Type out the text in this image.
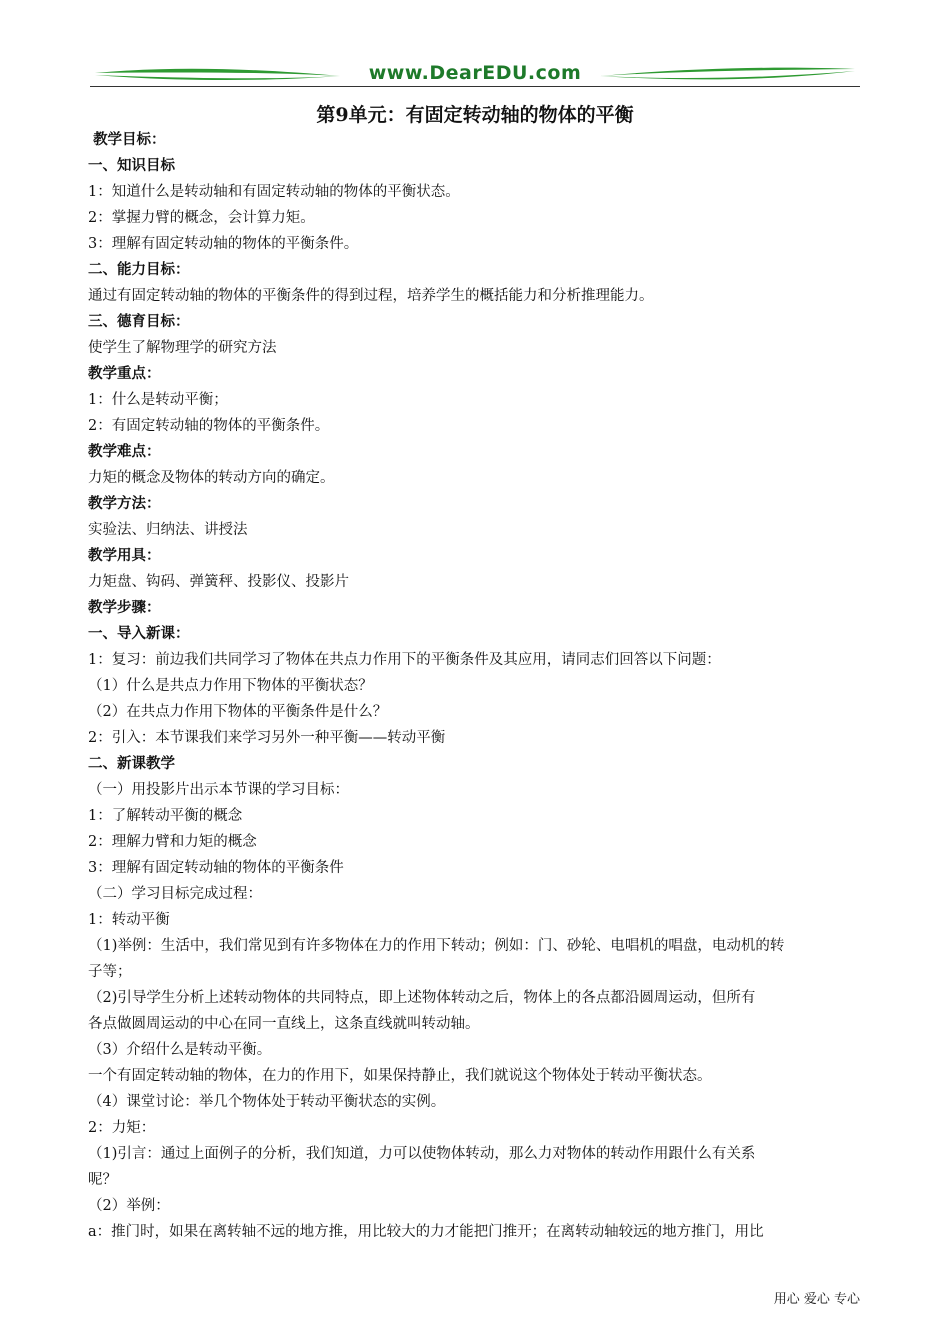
www.DearEDU.com
第9单元：有固定转动轴的物体的平衡
教学目标：
一、知识目标
1：知道什么是转动轴和有固定转动轴的物体的平衡状态。
2：掌握力臂的概念，会计算力矩。
3：理解有固定转动轴的物体的平衡条件。
二、能力目标：
通过有固定转动轴的物体的平衡条件的得到过程，培养学生的概括能力和分析推理能力。
三、德育目标：
使学生了解物理学的研究方法
教学重点：
1：什么是转动平衡；
2：有固定转动轴的物体的平衡条件。
教学难点：
力矩的概念及物体的转动方向的确定。
教学方法：
实验法、归纳法、讲授法
教学用具：
力矩盘、钩码、弹簧秤、投影仪、投影片
教学步骤：
一、导入新课：
1：复习：前边我们共同学习了物体在共点力作用下的平衡条件及其应用，请同志们回答以下问题：
（1）什么是共点力作用下物体的平衡状态？
（2）在共点力作用下物体的平衡条件是什么？
2：引入：本节课我们来学习另外一种平衡——转动平衡
二、新课教学
（一）用投影片出示本节课的学习目标：
1：了解转动平衡的概念
2：理解力臂和力矩的概念
3：理解有固定转动轴的物体的平衡条件
（二）学习目标完成过程：
1：转动平衡
（1)举例：生活中，我们常见到有许多物体在力的作用下转动；例如：门、砂轮、电唱机的唱盘，电动机的转
子等；
（2)引导学生分析上述转动物体的共同特点，即上述物体转动之后，物体上的各点都沿圆周运动，但所有
各点做圆周运动的中心在同一直线上，这条直线就叫转动轴。
（3）介绍什么是转动平衡。
一个有固定转动轴的物体，在力的作用下，如果保持静止，我们就说这个物体处于转动平衡状态。
（4）课堂讨论：举几个物体处于转动平衡状态的实例。
2：力矩：
（1)引言：通过上面例子的分析，我们知道，力可以使物体转动，那么力对物体的转动作用跟什么有关系
呢？
（2）举例：
a：推门时，如果在离转轴不远的地方推，用比较大的力才能把门推开；在离转动轴较远的地方推门，用比
用心 爱心 专心
